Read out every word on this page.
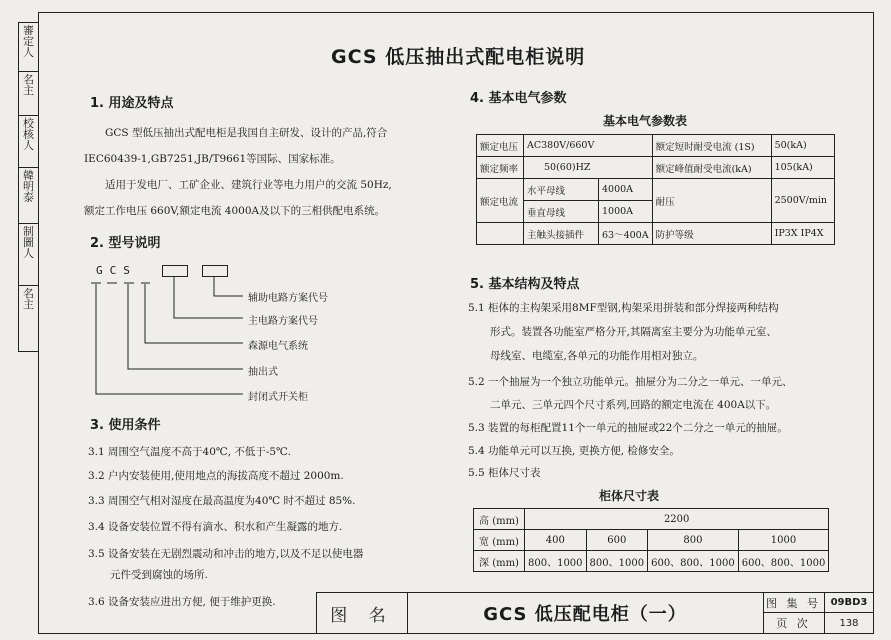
審
定
人
名
主
校
核
人
韓
明
泰
制
圖
人
名
主
GCS 低压抽出式配电柜说明
1. 用途及特点
GCS 型低压抽出式配电柜是我国自主研发、设计的产品,符合
IEC60439-1,GB7251,JB/T9661等国际、国家标准。
适用于发电厂、工矿企业、建筑行业等电力用户的交流 50Hz,
额定工作电压 660V,额定电流 4000A及以下的三相供配电系统。
2. 型号说明
GCS
辅助电路方案代号
主电路方案代号
森源电气系统
抽出式
封闭式开关柜
3. 使用条件
3.1 周围空气温度不高于40℃, 不低于-5℃.
3.2 户内安装使用,使用地点的海拔高度不超过 2000m.
3.3 周围空气相对湿度在最高温度为40℃ 时不超过 85%.
3.4 设备安装位置不得有滴水、积水和产生凝露的地方.
3.5 设备安装在无剧烈震动和冲击的地方,以及不足以使电器
元件受到腐蚀的场所.
3.6 设备安装应进出方便, 便于维护更换.
4. 基本电气参数
基本电气参数表
额定电压	AC380V/660V		额定短时耐受电流 (1S)	50(kA)
额定频率	50(60)HZ		额定峰值耐受电流(kA)	105(kA)
额定电流	水平母线	4000A	耐压	2500V/min
	垂直母线	1000A		
	主触头接插件	63～400A	防护等级	IP3X IP4X
5. 基本结构及特点
5.1 柜体的主构架采用8MF型钢,构架采用拼装和部分焊接两种结构
形式。装置各功能室严格分开,其隔离室主要分为功能单元室、
母线室、电缆室,各单元的功能作用相对独立。
5.2 一个抽屉为一个独立功能单元。抽屉分为二分之一单元、一单元、
二单元、三单元四个尺寸系列,回路的额定电流在 400A以下。
5.3 装置的每柜配置11个一单元的抽屉或22个二分之一单元的抽屉。
5.4 功能单元可以互换, 更换方便, 检修安全。
5.5 柜体尺寸表
柜体尺寸表
高 (mm)	2200			
宽 (mm)	400	600	800	1000
深 (mm)	800、1000	800、1000	600、800、1000	600、800、1000
图 名	GCS 低压配电柜（一）
图 集 号 09BD3
页 次	138
